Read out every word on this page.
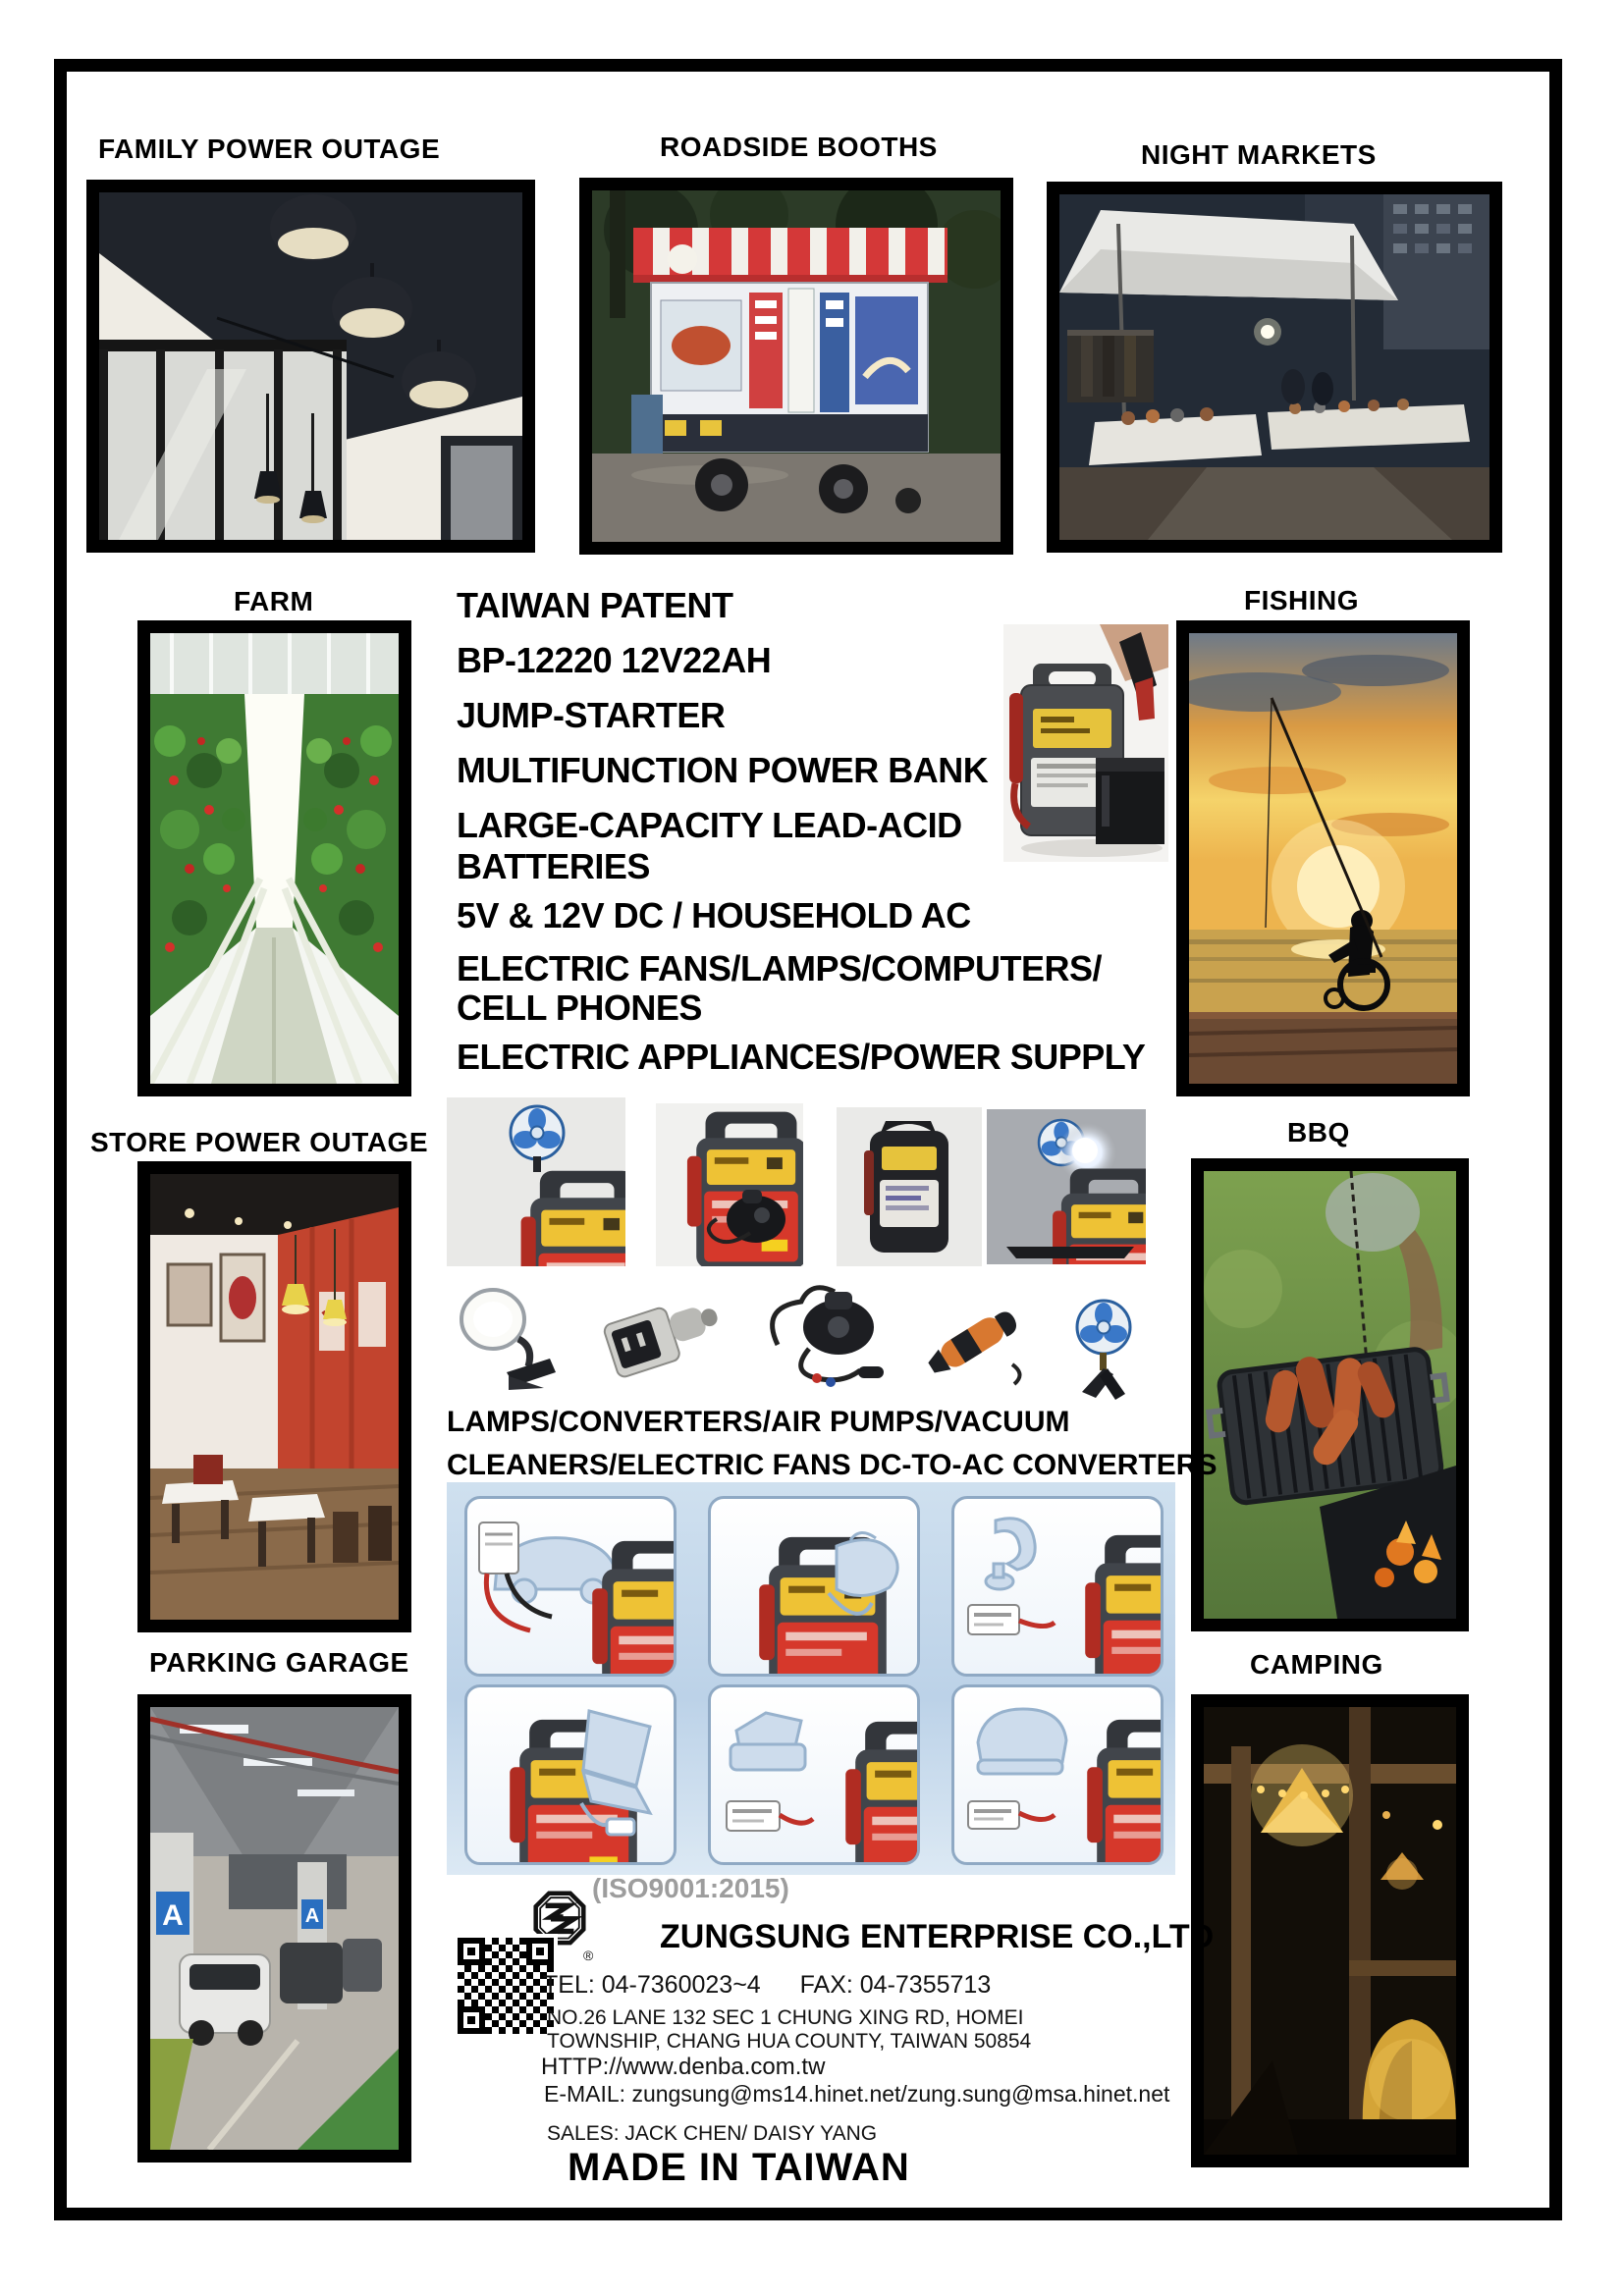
FAMILY POWER OUTAGE	ROADSIDE BOOTHS	NIGHT MARKETS
FARM	TAIWAN PATENT
BP-12220 12V22AH
JUMP-STARTER
MULTIFUNCTION POWER BANK
LARGE-CAPACITY LEAD-ACID
BATTERIES
5V & 12V DC / HOUSEHOLD AC
ELECTRIC FANS/LAMPS/COMPUTERS/
CELL PHONES
ELECTRIC APPLIANCES/POWER SUPPLY
FISHING
STORE POWER OUTAGE	BBQ
LAMPS/CONVERTERS/AIR PUMPS/VACUUM
CLEANERS/ELECTRIC FANS DC-TO-AC CONVERTERS
PARKING GARAGE
A	A
CAMPING
(ISO9001:2015)
® ZUNGSUNG ENTERPRISE CO.,LTD
TEL: 04-7360023~4 FAX: 04-7355713
NO.26 LANE 132 SEC 1 CHUNG XING RD, HOMEI
TOWNSHIP, CHANG HUA COUNTY, TAIWAN 50854
HTTP://www.denba.com.tw
E-MAIL: zungsung@ms14.hinet.net/zung.sung@msa.hinet.net
SALES: JACK CHEN/ DAISY YANG
MADE IN TAIWAN
